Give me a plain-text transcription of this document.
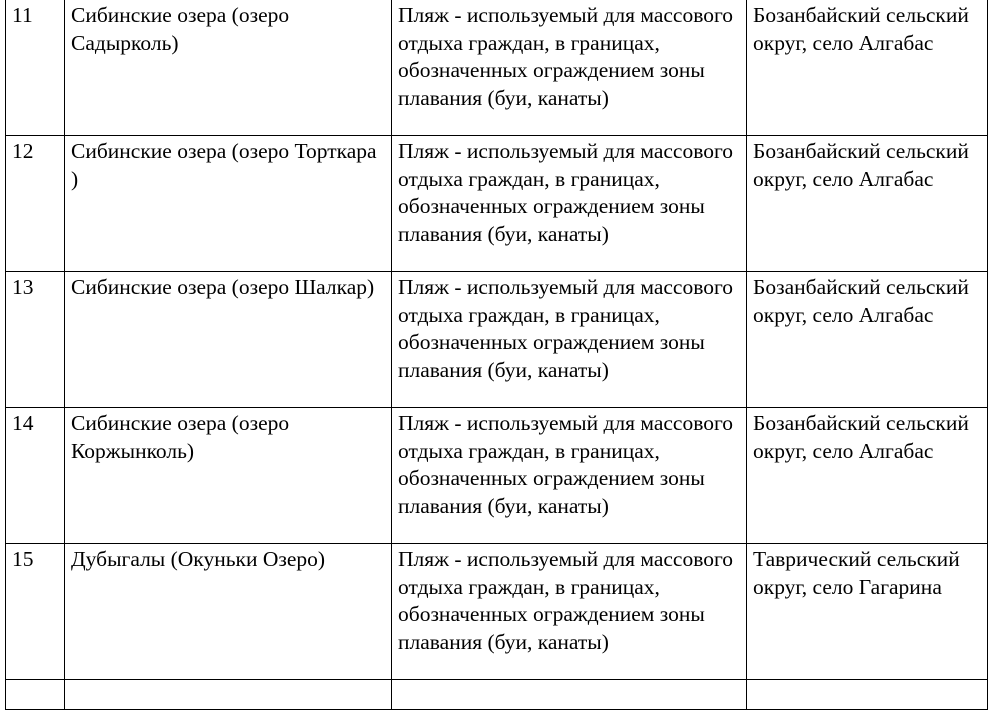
11	Сибинские озера (озеро Садырколь)	Пляж - используемый для массового отдыха граждан, в границах, обозначенных ограждением зоны плавания (буи, канаты)	Бозанбайский сельский округ, село Алгабас
12	Сибинские озера (озеро Торткара )	Пляж - используемый для массового отдыха граждан, в границах, обозначенных ограждением зоны плавания (буи, канаты)	Бозанбайский сельский округ, село Алгабас
13	Сибинские озера (озеро Шалкар)	Пляж - используемый для массового отдыха граждан, в границах, обозначенных ограждением зоны плавания (буи, канаты)	Бозанбайский сельский округ, село Алгабас
14	Сибинские озера (озеро Коржынколь)	Пляж - используемый для массового отдыха граждан, в границах, обозначенных ограждением зоны плавания (буи, канаты)	Бозанбайский сельский округ, село Алгабас
15	Дубыгалы (Окуньки Озеро)	Пляж - используемый для массового отдыха граждан, в границах, обозначенных ограждением зоны плавания (буи, канаты)	Таврический сельский округ, село Гагарина
